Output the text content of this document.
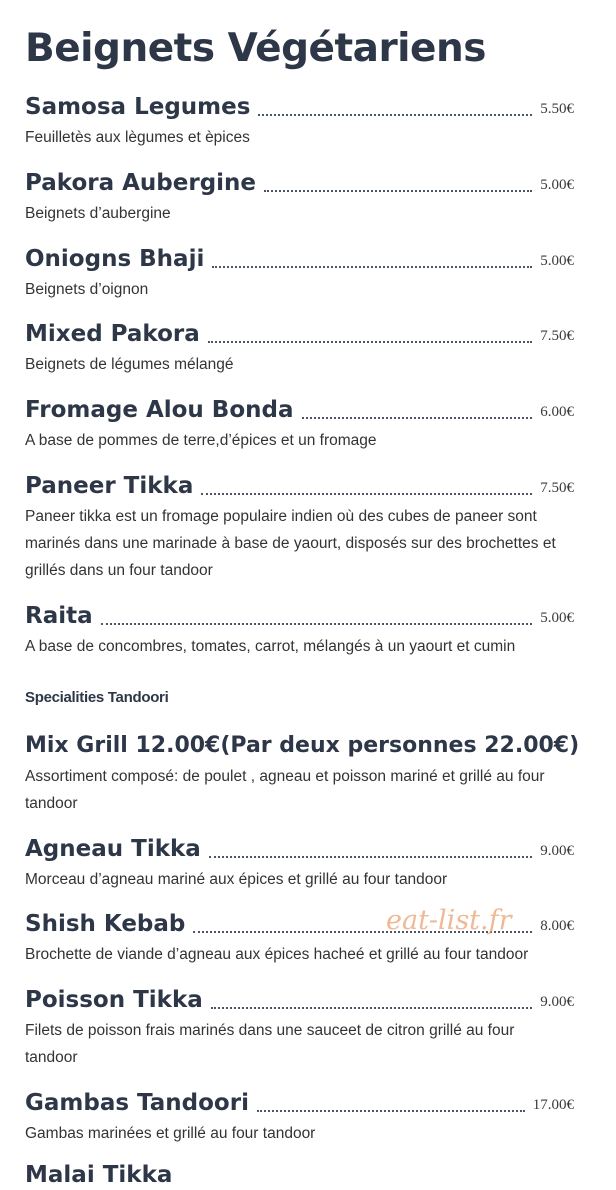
Beignets Végétariens
Samosa Legumes	5.50€
Feuilletès aux lègumes et èpices
Pakora Aubergine	5.00€
Beignets d’aubergine
Oniogns Bhaji	5.00€
Beignets d’oignon
Mixed Pakora	7.50€
Beignets de légumes mélangé
Fromage Alou Bonda	6.00€
A base de pommes de terre,d’épices et un fromage
Paneer Tikka	7.50€
Paneer tikka est un fromage populaire indien où des cubes de paneer sont marinés dans une marinade à base de yaourt, disposés sur des brochettes et grillés dans un four tandoor
Raita	5.00€
A base de concombres, tomates, carrot, mélangés à un yaourt et cumin
Specialities Tandoori
Mix Grill 12.00€(Par deux personnes 22.00€)
Assortiment composé: de poulet , agneau et poisson mariné et grillé au four tandoor
Agneau Tikka	9.00€
Morceau d’agneau mariné aux épices et grillé au four tandoor
Shish Kebab	8.00€
Brochette de viande d’agneau aux épices hacheé et grillé au four tandoor
Poisson Tikka	9.00€
Filets de poisson frais marinés dans une sauceet de citron grillé au four tandoor
Gambas Tandoori	17.00€
Gambas marinées et grillé au four tandoor
Malai Tikka
eat-list.fr
